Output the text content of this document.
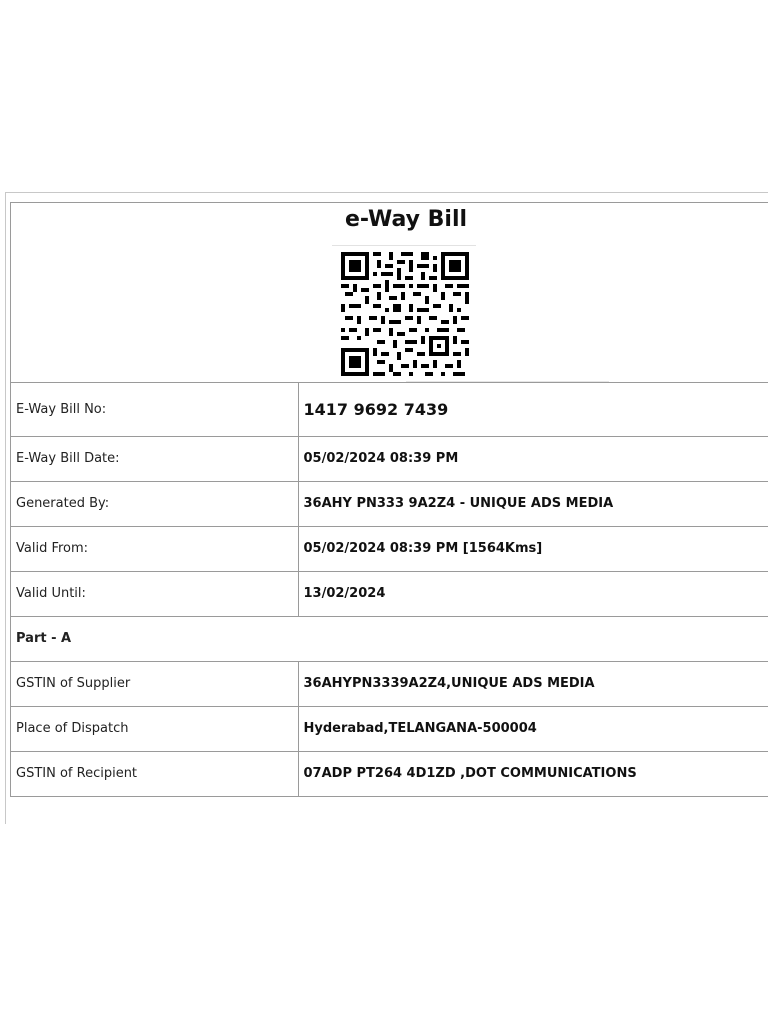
e-Way Bill
E-Way Bill No:	1417 9692 7439
E-Way Bill Date:	05/02/2024 08:39 PM
Generated By:	36AHY PN333 9A2Z4 - UNIQUE ADS MEDIA
Valid From:	05/02/2024 08:39 PM [1564Kms]
Valid Until:	13/02/2024
Part - A	
GSTIN of Supplier	36AHYPN3339A2Z4,UNIQUE ADS MEDIA
Place of Dispatch	Hyderabad,TELANGANA-500004
GSTIN of Recipient	07ADP PT264 4D1ZD ,DOT COMMUNICATIONS
